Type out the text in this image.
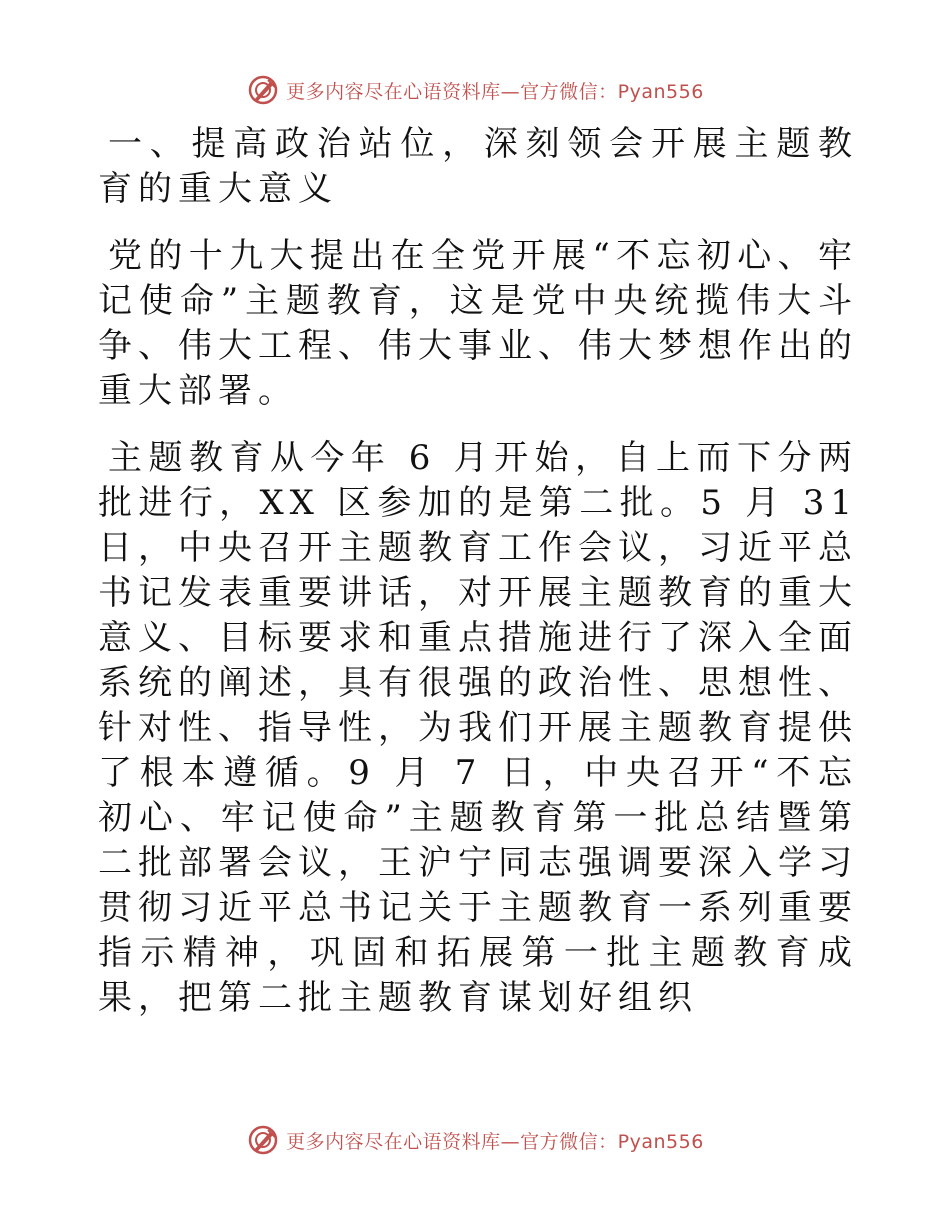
更多内容尽在心语资料库—官方微信：Pyan556

一、提高政治站位，深刻领会开展主题教育的重大意义

党的十九大提出在全党开展“不忘初心、牢记使命”主题教育，这是党中央统揽伟大斗争、伟大工程、伟大事业、伟大梦想作出的重大部署。

主题教育从今年 6 月开始，自上而下分两批进行，XX 区参加的是第二批。5 月 31 日，中央召开主题教育工作会议，习近平总书记发表重要讲话，对开展主题教育的重大意义、目标要求和重点措施进行了深入全面系统的阐述，具有很强的政治性、思想性、针对性、指导性，为我们开展主题教育提供了根本遵循。9 月 7 日，中央召开“不忘初心、牢记使命”主题教育第一批总结暨第二批部署会议，王沪宁同志强调要深入学习贯彻习近平总书记关于主题教育一系列重要指示精神，巩固和拓展第一批主题教育成果，把第二批主题教育谋划好组织

更多内容尽在心语资料库—官方微信：Pyan556
